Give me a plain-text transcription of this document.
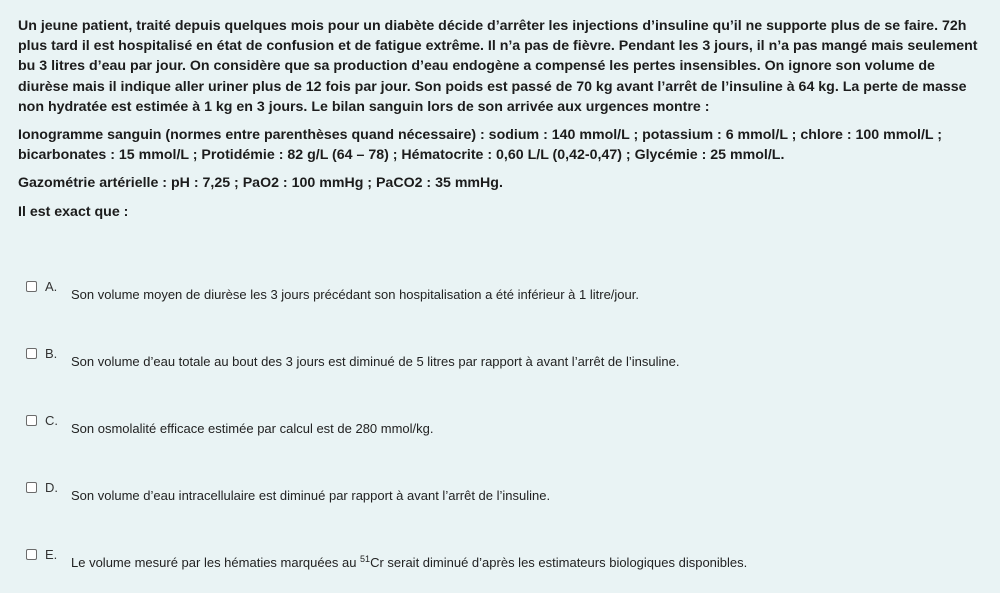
Un jeune patient, traité depuis quelques mois pour un diabète décide d’arrêter les injections d’insuline qu’il ne supporte plus de se faire. 72h plus tard il est hospitalisé en état de confusion et de fatigue extrême. Il n’a pas de fièvre. Pendant les 3 jours, il n’a pas mangé mais seulement bu 3 litres d’eau par jour. On considère que sa production d’eau endogène a compensé les pertes insensibles. On ignore son volume de diurèse mais il indique aller uriner plus de 12 fois par jour. Son poids est passé de 70 kg avant l’arrêt de l’insuline à 64 kg. La perte de masse non hydratée est estimée à 1 kg en 3 jours. Le bilan sanguin lors de son arrivée aux urgences montre :

Ionogramme sanguin (normes entre parenthèses quand nécessaire) : sodium : 140 mmol/L ; potassium : 6 mmol/L ; chlore : 100 mmol/L ; bicarbonates : 15 mmol/L ; Protidémie : 82 g/L (64 – 78) ; Hématocrite : 0,60 L/L (0,42-0,47) ; Glycémie : 25 mmol/L.

Gazométrie artérielle : pH : 7,25 ; PaO2 : 100 mmHg ; PaCO2 : 35 mmHg.

Il est exact que :

A.
Son volume moyen de diurèse les 3 jours précédant son hospitalisation a été inférieur à 1 litre/jour.
B.
Son volume d’eau totale au bout des 3 jours est diminué de 5 litres par rapport à avant l’arrêt de l’insuline.
C.
Son osmolalité efficace estimée par calcul est de 280 mmol/kg.
D.
Son volume d’eau intracellulaire est diminué par rapport à avant l’arrêt de l’insuline.
E.
Le volume mesuré par les hématies marquées au $^{51}$Cr serait diminué d’après les estimateurs biologiques disponibles.
